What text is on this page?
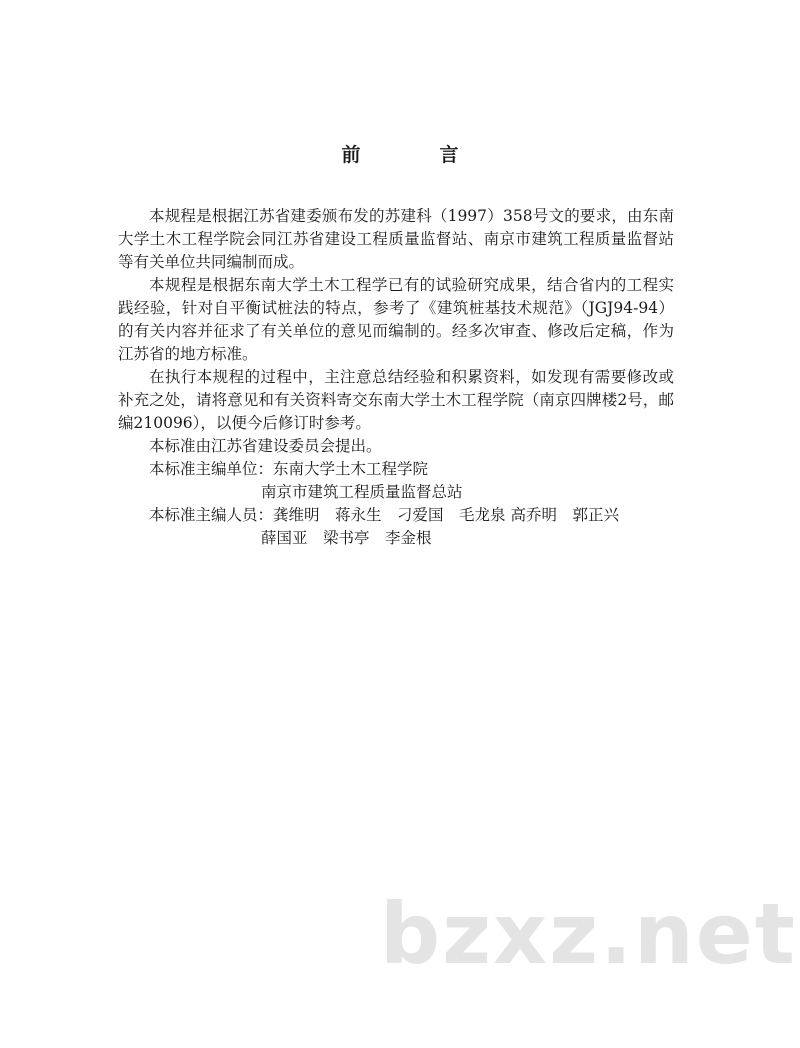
前　言

本规程是根据江苏省建委颁布发的苏建科（1997）358号文的要求，由东南大学土木工程学院会同江苏省建设工程质量监督站、南京市建筑工程质量监督站等有关单位共同编制而成。

本规程是根据东南大学土木工程学已有的试验研究成果，结合省内的工程实践经验，针对自平衡试桩法的特点，参考了《建筑桩基技术规范》（JGJ94-94）的有关内容并征求了有关单位的意见而编制的。经多次审查、修改后定稿，作为江苏省的地方标准。

在执行本规程的过程中，主注意总结经验和积累资料，如发现有需要修改或补充之处，请将意见和有关资料寄交东南大学土木工程学院（南京四牌楼2号，邮编210096），以便今后修订时参考。

本标准由江苏省建设委员会提出。

本标准主编单位：东南大学土木工程学院

南京市建筑工程质量监督总站

本标准主编人员：龚维明　蒋永生　刁爱国　毛龙泉 高乔明　郭正兴

薛国亚　梁书亭　李金根

bzxz.net
